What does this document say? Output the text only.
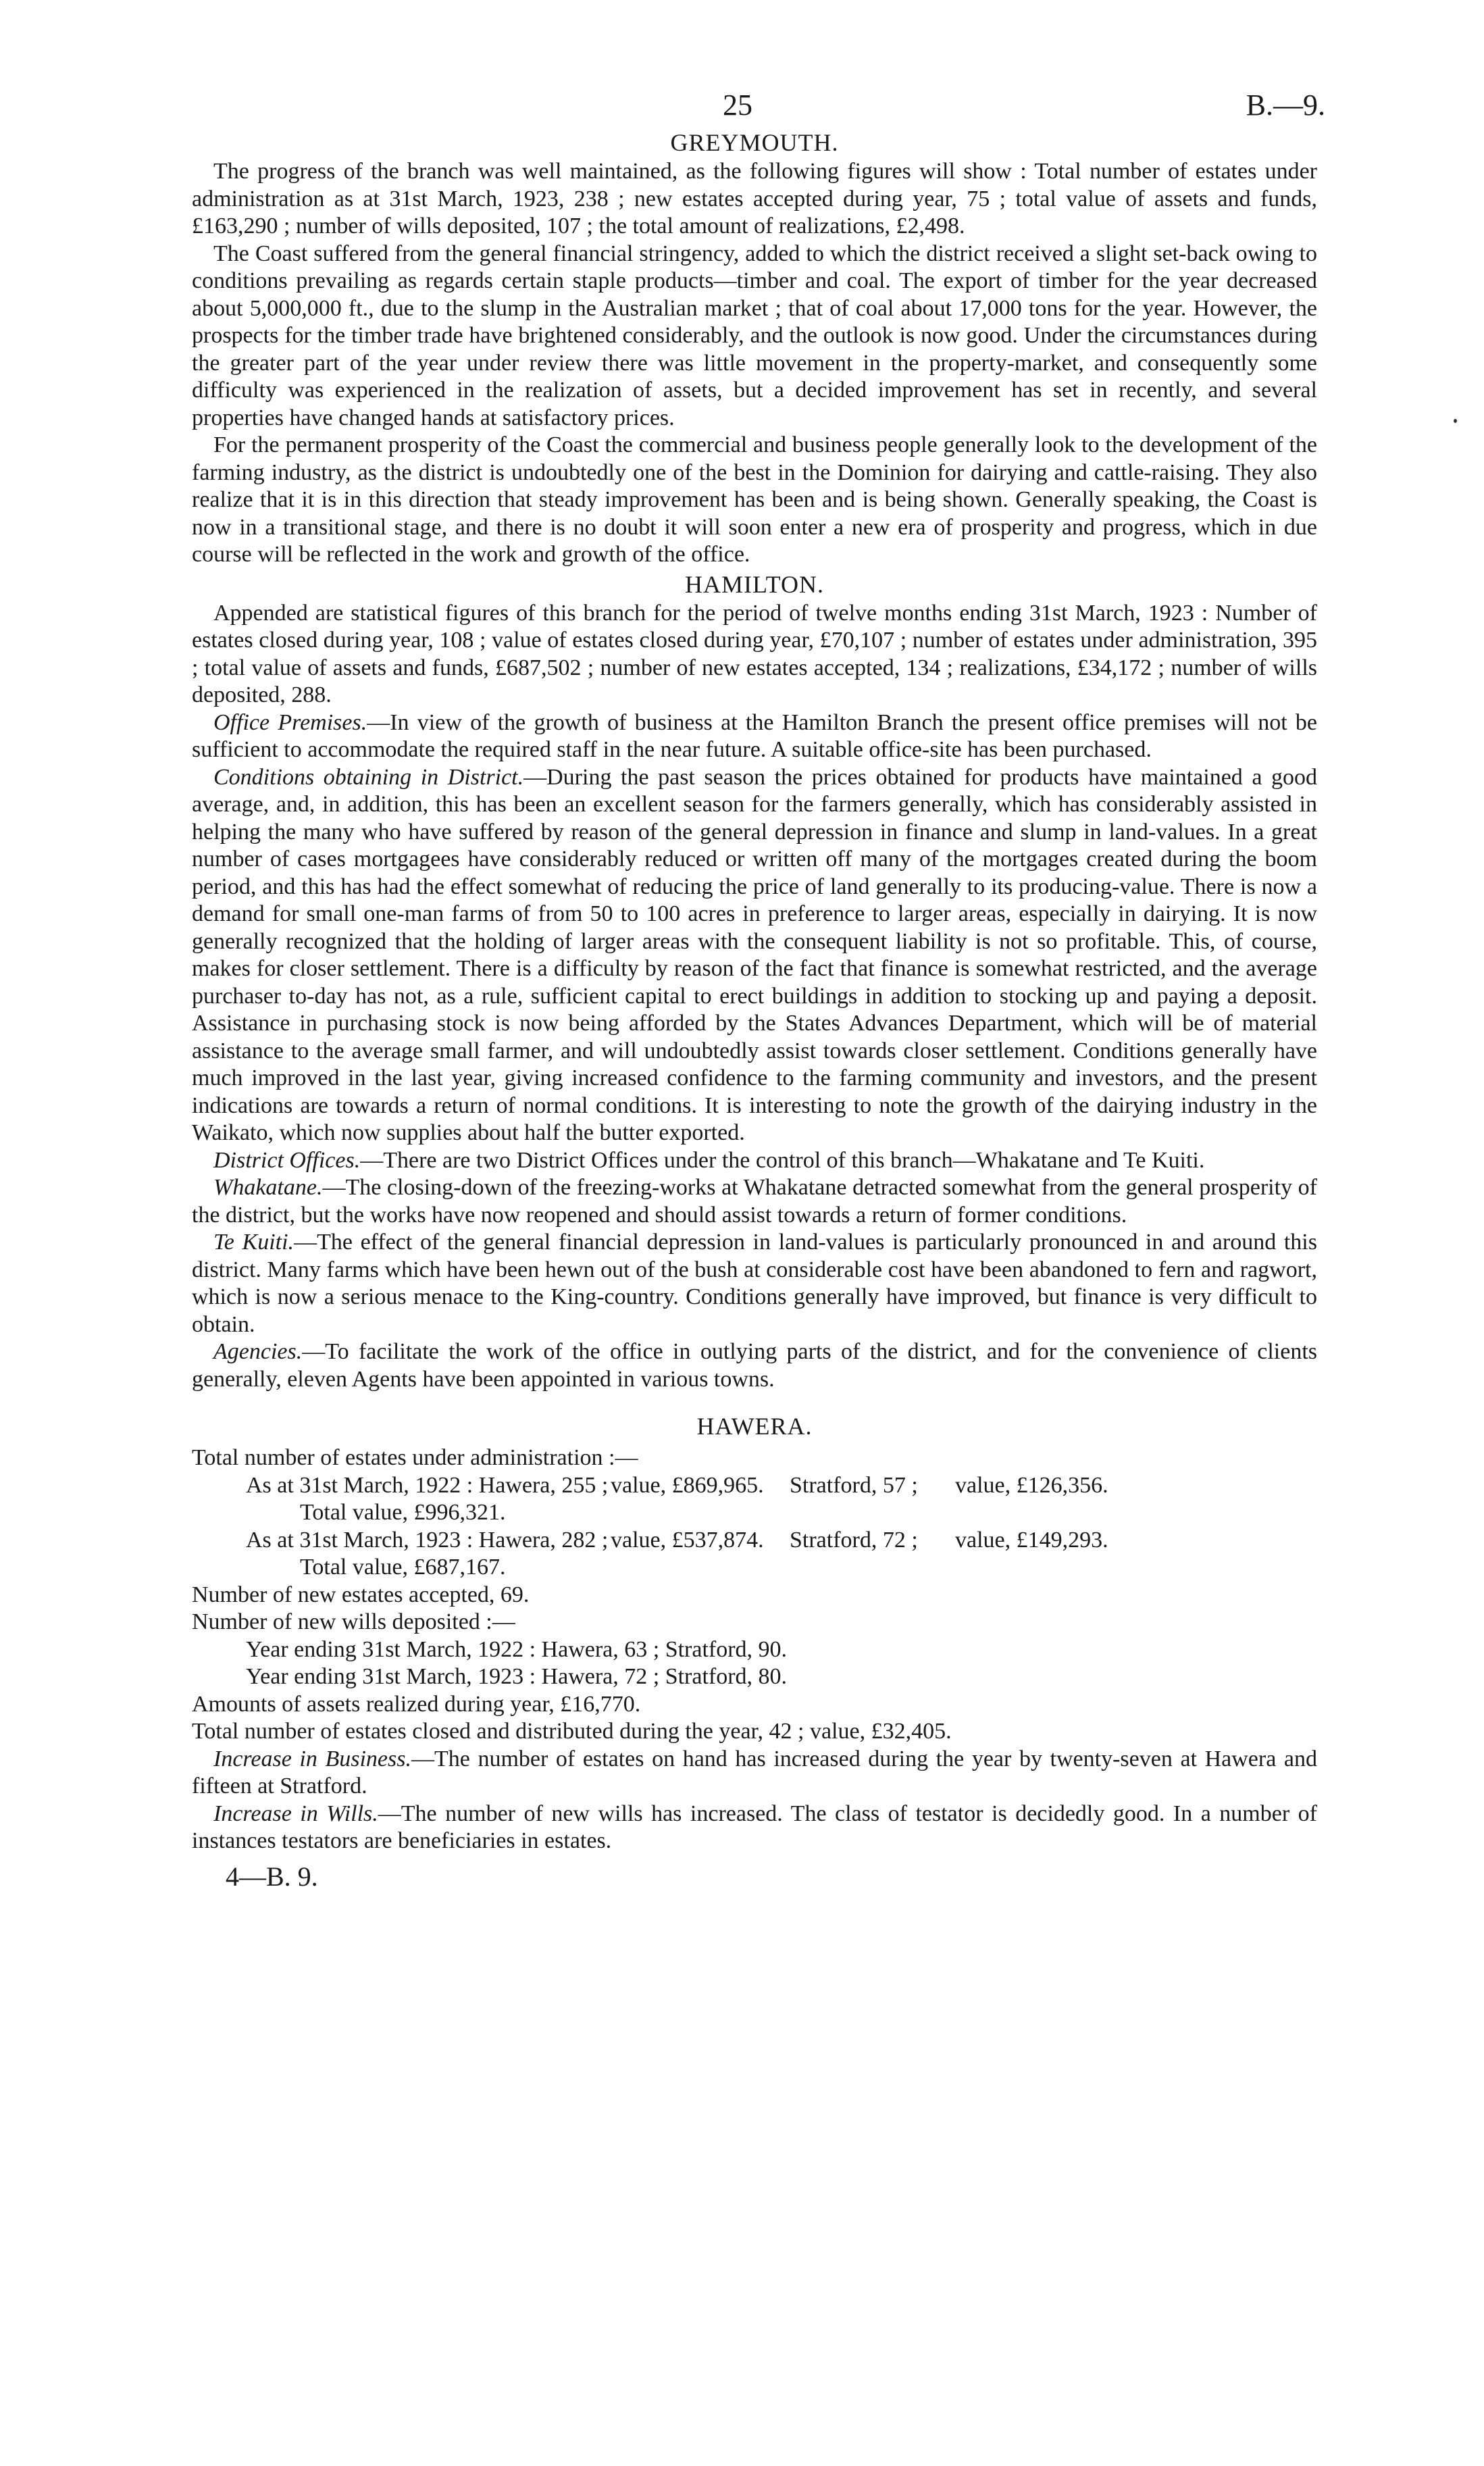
25	B.—9.
GREYMOUTH.

The progress of the branch was well maintained, as the following figures will show : Total number of estates under administration as at 31st March, 1923, 238 ; new estates accepted during year, 75 ; total value of assets and funds, £163,290 ; number of wills deposited, 107 ; the total amount of realizations, £2,498.

The Coast suffered from the general financial stringency, added to which the district received a slight set-back owing to conditions prevailing as regards certain staple products—timber and coal. The export of timber for the year decreased about 5,000,000 ft., due to the slump in the Australian market ; that of coal about 17,000 tons for the year. However, the prospects for the timber trade have brightened considerably, and the outlook is now good. Under the circumstances during the greater part of the year under review there was little movement in the property-market, and consequently some difficulty was experienced in the realization of assets, but a decided improvement has set in recently, and several properties have changed hands at satisfactory prices.

For the permanent prosperity of the Coast the commercial and business people generally look to the development of the farming industry, as the district is undoubtedly one of the best in the Dominion for dairying and cattle-raising. They also realize that it is in this direction that steady improvement has been and is being shown. Generally speaking, the Coast is now in a transitional stage, and there is no doubt it will soon enter a new era of prosperity and progress, which in due course will be reflected in the work and growth of the office.

HAMILTON.

Appended are statistical figures of this branch for the period of twelve months ending 31st March, 1923 : Number of estates closed during year, 108 ; value of estates closed during year, £70,107 ; number of estates under administration, 395 ; total value of assets and funds, £687,502 ; number of new estates accepted, 134 ; realizations, £34,172 ; number of wills deposited, 288.

Office Premises.—In view of the growth of business at the Hamilton Branch the present office premises will not be sufficient to accommodate the required staff in the near future. A suitable office-site has been purchased.

Conditions obtaining in District.—During the past season the prices obtained for products have maintained a good average, and, in addition, this has been an excellent season for the farmers generally, which has considerably assisted in helping the many who have suffered by reason of the general depression in finance and slump in land-values. In a great number of cases mortgagees have considerably reduced or written off many of the mortgages created during the boom period, and this has had the effect somewhat of reducing the price of land generally to its producing-value. There is now a demand for small one-man farms of from 50 to 100 acres in preference to larger areas, especially in dairying. It is now generally recognized that the holding of larger areas with the consequent liability is not so profitable. This, of course, makes for closer settlement. There is a difficulty by reason of the fact that finance is somewhat restricted, and the average purchaser to-day has not, as a rule, sufficient capital to erect buildings in addition to stocking up and paying a deposit. Assistance in purchasing stock is now being afforded by the States Advances Department, which will be of material assistance to the average small farmer, and will undoubtedly assist towards closer settlement. Conditions generally have much improved in the last year, giving increased confidence to the farming community and investors, and the present indications are towards a return of normal conditions. It is interesting to note the growth of the dairying industry in the Waikato, which now supplies about half the butter exported.

District Offices.—There are two District Offices under the control of this branch—Whakatane and Te Kuiti.

Whakatane.—The closing-down of the freezing-works at Whakatane detracted somewhat from the general prosperity of the district, but the works have now reopened and should assist towards a return of former conditions.

Te Kuiti.—The effect of the general financial depression in land-values is particularly pronounced in and around this district. Many farms which have been hewn out of the bush at considerable cost have been abandoned to fern and ragwort, which is now a serious menace to the King-country. Conditions generally have improved, but finance is very difficult to obtain.

Agencies.—To facilitate the work of the office in outlying parts of the district, and for the convenience of clients generally, eleven Agents have been appointed in various towns.

HAWERA.
Total number of estates under administration :—
As at 31st March, 1922 : Hawera, 255 ; value, £869,965. Stratford, 57 ; value, £126,356.
Total value, £996,321.
As at 31st March, 1923 : Hawera, 282 ; value, £537,874. Stratford, 72 ; value, £149,293.
Total value, £687,167.
Number of new estates accepted, 69.
Number of new wills deposited :—
Year ending 31st March, 1922 : Hawera, 63 ; Stratford, 90.
Year ending 31st March, 1923 : Hawera, 72 ; Stratford, 80.
Amounts of assets realized during year, £16,770.
Total number of estates closed and distributed during the year, 42 ; value, £32,405.

Increase in Business.—The number of estates on hand has increased during the year by twenty-seven at Hawera and fifteen at Stratford.

Increase in Wills.—The number of new wills has increased. The class of testator is decidedly good. In a number of instances testators are beneficiaries in estates.

4—B. 9.
